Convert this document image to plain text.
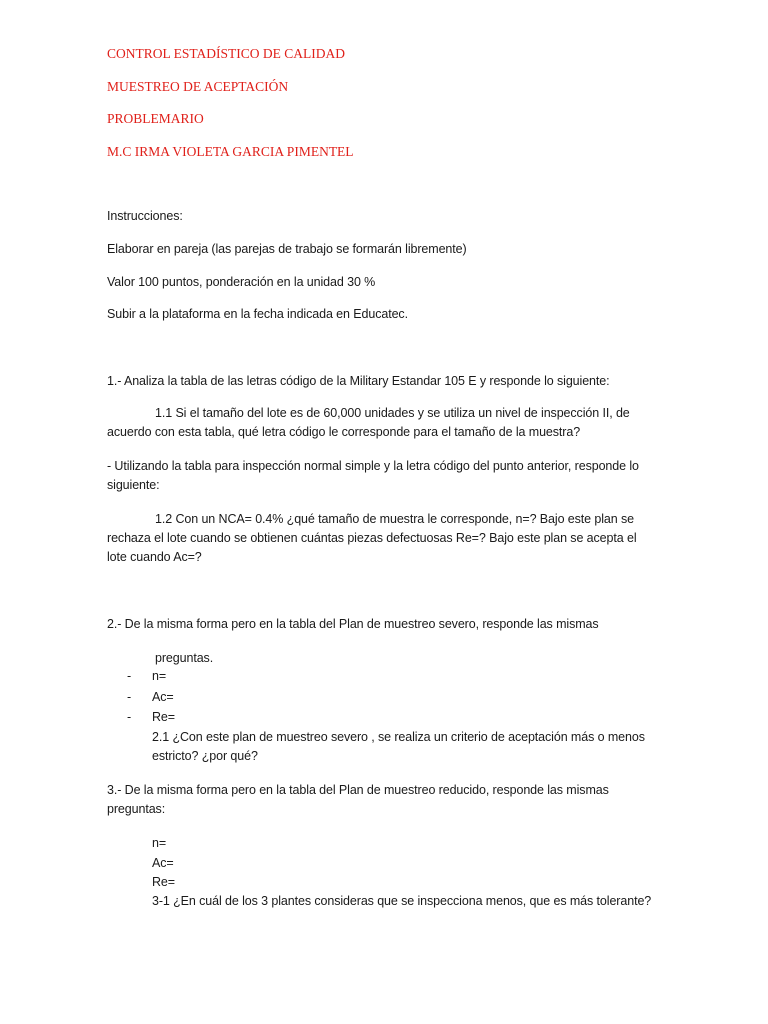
CONTROL ESTADÍSTICO DE CALIDAD
MUESTREO DE ACEPTACIÓN
PROBLEMARIO
M.C IRMA VIOLETA GARCIA PIMENTEL
Instrucciones:
Elaborar en pareja (las parejas de trabajo se formarán libremente)
Valor 100 puntos, ponderación en la unidad 30 %
Subir a la plataforma en la fecha indicada en Educatec.
1.- Analiza la tabla de las letras código de la Military Estandar 105 E y responde lo siguiente:
1.1 Si el tamaño del lote es de 60,000 unidades y se utiliza un nivel de inspección II, de
acuerdo con esta tabla, qué letra código le corresponde para el tamaño de la muestra?
- Utilizando la tabla para inspección normal simple y la letra código del punto anterior, responde lo
siguiente:
1.2 Con un NCA= 0.4% ¿qué tamaño de muestra le corresponde, n=? Bajo este plan se
rechaza el lote cuando se obtienen cuántas piezas defectuosas Re=? Bajo este plan se acepta el
lote cuando Ac=?
2.- De la misma forma pero en la tabla del Plan de muestreo severo, responde las mismas
preguntas.
- n=
- Ac=
- Re=
2.1 ¿Con este plan de muestreo severo , se realiza un criterio de aceptación más o menos
estricto? ¿por qué?
3.- De la misma forma pero en la tabla del Plan de muestreo reducido, responde las mismas
preguntas:
n=
Ac=
Re=
3-1 ¿En cuál de los 3 plantes consideras que se inspecciona menos, que es más tolerante?
